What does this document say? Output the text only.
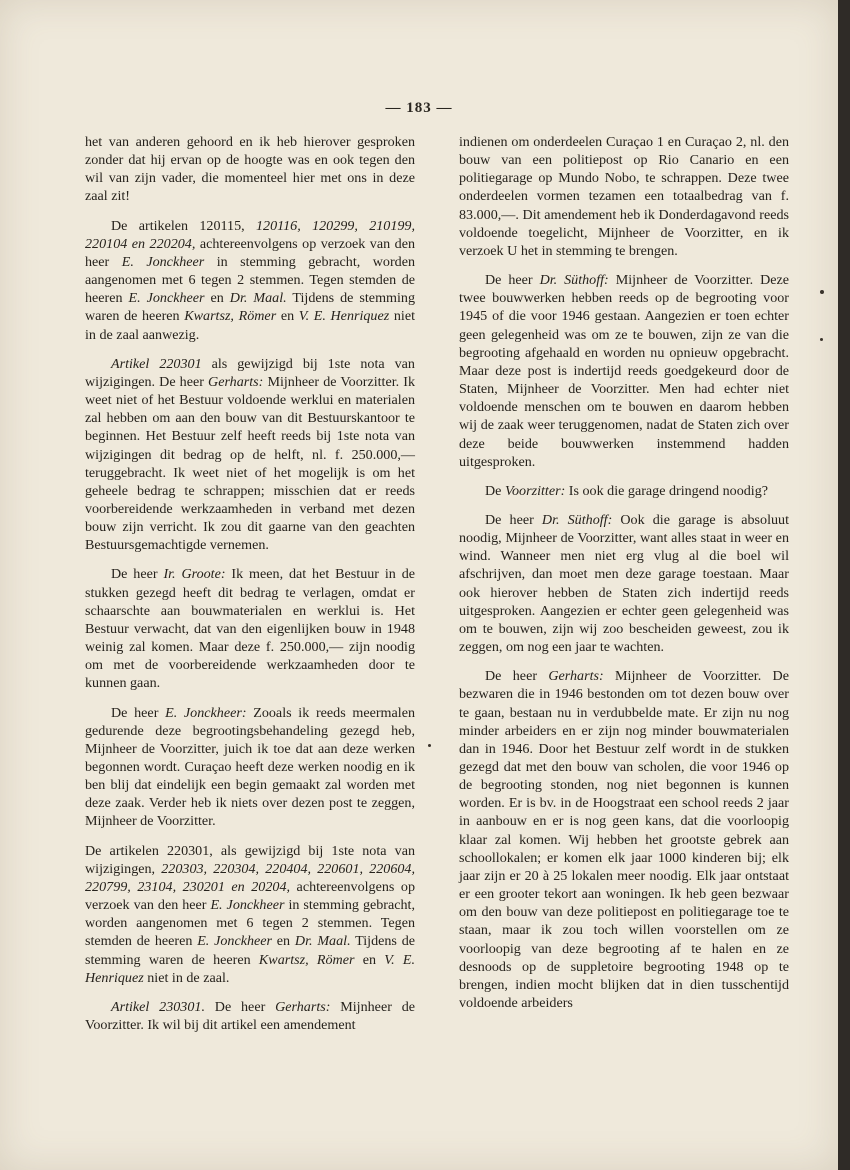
— 183 —

het van anderen gehoord en ik heb hierover gesproken zonder dat hij ervan op de hoogte was en ook tegen den wil van zijn vader, die momenteel hier met ons in deze zaal zit!

De artikelen 120115, 120116, 120299, 210199, 220104 en 220204, achtereenvolgens op verzoek van den heer E. Jonckheer in stemming gebracht, worden aangenomen met 6 tegen 2 stemmen. Tegen stemden de heeren E. Jonckheer en Dr. Maal. Tijdens de stemming waren de heeren Kwartsz, Römer en V. E. Henriquez niet in de zaal aanwezig.

Artikel 220301 als gewijzigd bij 1ste nota van wijzigingen. De heer Gerharts: Mijnheer de Voorzitter. Ik weet niet of het Bestuur voldoende werklui en materialen zal hebben om aan den bouw van dit Bestuurskantoor te beginnen. Het Bestuur zelf heeft reeds bij 1ste nota van wijzigingen dit bedrag op de helft, nl. f. 250.000,— teruggebracht. Ik weet niet of het mogelijk is om het geheele bedrag te schrappen; misschien dat er reeds voorbereidende werkzaamheden in verband met dezen bouw zijn verricht. Ik zou dit gaarne van den geachten Bestuursgemachtigde vernemen.

De heer Ir. Groote: Ik meen, dat het Bestuur in de stukken gezegd heeft dit bedrag te verlagen, omdat er schaarschte aan bouwmaterialen en werklui is. Het Bestuur verwacht, dat van den eigenlijken bouw in 1948 weinig zal komen. Maar deze f. 250.000,— zijn noodig om met de voorbereidende werkzaamheden door te kunnen gaan.

De heer E. Jonckheer: Zooals ik reeds meermalen gedurende deze begrootingsbehandeling gezegd heb, Mijnheer de Voorzitter, juich ik toe dat aan deze werken begonnen wordt. Curaçao heeft deze werken noodig en ik ben blij dat eindelijk een begin gemaakt zal worden met deze zaak. Verder heb ik niets over dezen post te zeggen, Mijnheer de Voorzitter.

De artikelen 220301, als gewijzigd bij 1ste nota van wijzigingen, 220303, 220304, 220404, 220601, 220604, 220799, 23104, 230201 en 20204, achtereenvolgens op verzoek van den heer E. Jonckheer in stemming gebracht, worden aangenomen met 6 tegen 2 stemmen. Tegen stemden de heeren E. Jonckheer en Dr. Maal. Tijdens de stemming waren de heeren Kwartsz, Römer en V. E. Henriquez niet in de zaal.

Artikel 230301. De heer Gerharts: Mijnheer de Voorzitter. Ik wil bij dit artikel een amendement

indienen om onderdeelen Curaçao 1 en Curaçao 2, nl. den bouw van een politiepost op Rio Canario en een politiegarage op Mundo Nobo, te schrappen. Deze twee onderdeelen vormen tezamen een totaalbedrag van f. 83.000,—. Dit amendement heb ik Donderdagavond reeds voldoende toegelicht, Mijnheer de Voorzitter, en ik verzoek U het in stemming te brengen.

De heer Dr. Süthoff: Mijnheer de Voorzitter. Deze twee bouwwerken hebben reeds op de begrooting voor 1945 of die voor 1946 gestaan. Aangezien er toen echter geen gelegenheid was om ze te bouwen, zijn ze van die begrooting afgehaald en worden nu opnieuw opgebracht. Maar deze post is indertijd reeds goedgekeurd door de Staten, Mijnheer de Voorzitter. Men had echter niet voldoende menschen om te bouwen en daarom hebben wij de zaak weer teruggenomen, nadat de Staten zich over deze beide bouwwerken instemmend hadden uitgesproken.

De Voorzitter: Is ook die garage dringend noodig?

De heer Dr. Süthoff: Ook die garage is absoluut noodig, Mijnheer de Voorzitter, want alles staat in weer en wind. Wanneer men niet erg vlug al die boel wil afschrijven, dan moet men deze garage toestaan. Maar ook hierover hebben de Staten zich indertijd reeds uitgesproken. Aangezien er echter geen gelegenheid was om te bouwen, zijn wij zoo bescheiden geweest, zou ik zeggen, om nog een jaar te wachten.

De heer Gerharts: Mijnheer de Voorzitter. De bezwaren die in 1946 bestonden om tot dezen bouw over te gaan, bestaan nu in verdubbelde mate. Er zijn nu nog minder arbeiders en er zijn nog minder bouwmaterialen dan in 1946. Door het Bestuur zelf wordt in de stukken gezegd dat met den bouw van scholen, die voor 1946 op de begrooting stonden, nog niet begonnen is kunnen worden. Er is bv. in de Hoogstraat een school reeds 2 jaar in aanbouw en er is nog geen kans, dat die voorloopig klaar zal komen. Wij hebben het grootste gebrek aan schoollokalen; er komen elk jaar 1000 kinderen bij; elk jaar zijn er 20 à 25 lokalen meer noodig. Elk jaar ontstaat er een grooter tekort aan woningen. Ik heb geen bezwaar om den bouw van deze politiepost en politiegarage toe te staan, maar ik zou toch willen voorstellen om ze voorloopig van deze begrooting af te halen en ze desnoods op de suppletoire begrooting 1948 op te brengen, indien mocht blijken dat in dien tusschentijd voldoende arbeiders
